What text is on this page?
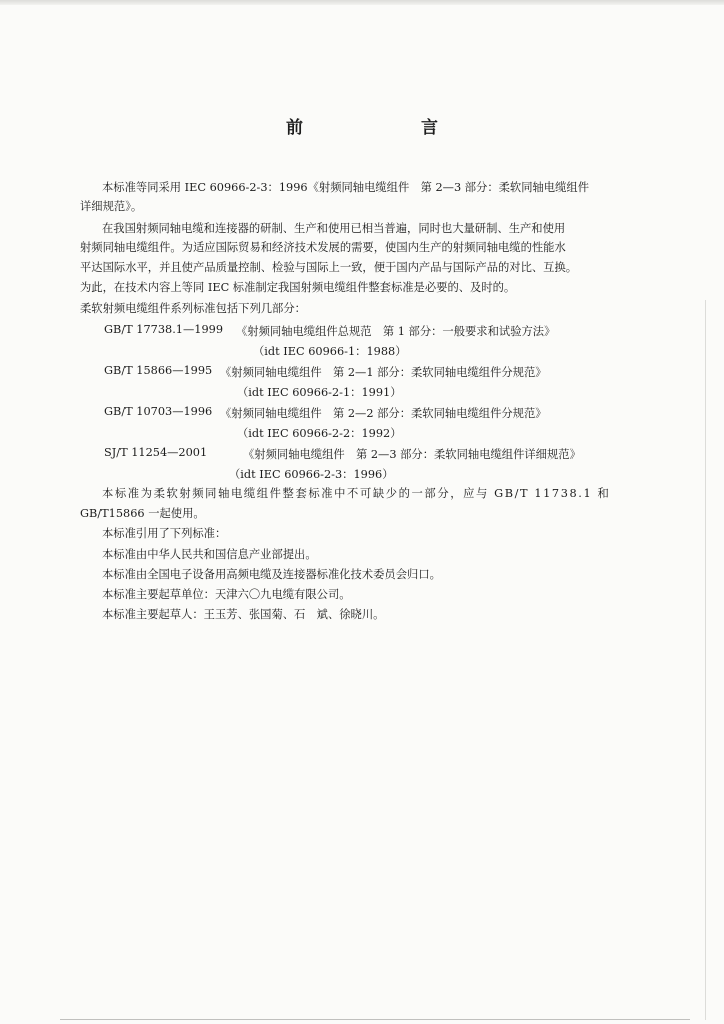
前 言
本标准等同采用 IEC 60966-2-3：1996《射频同轴电缆组件　第 2—3 部分：柔软同轴电缆组件
详细规范》。
在我国射频同轴电缆和连接器的研制、生产和使用已相当普遍，同时也大量研制、生产和使用
射频同轴电缆组件。为适应国际贸易和经济技术发展的需要，使国内生产的射频同轴电缆的性能水
平达国际水平，并且使产品质量控制、检验与国际上一致，便于国内产品与国际产品的对比、互换。
为此，在技术内容上等同 IEC 标准制定我国射频电缆组件整套标准是必要的、及时的。
柔软射频电缆组件系列标准包括下列几部分：
GB/T 17738.1—1999 《射频同轴电缆组件总规范　第 1 部分：一般要求和试验方法》
（idt IEC 60966-1：1988）
GB/T 15866—1995 《射频同轴电缆组件　第 2—1 部分：柔软同轴电缆组件分规范》
（idt IEC 60966-2-1：1991）
GB/T 10703—1996 《射频同轴电缆组件　第 2—2 部分：柔软同轴电缆组件分规范》
（idt IEC 60966-2-2：1992）
SJ/T 11254—2001	《射频同轴电缆组件　第 2—3 部分：柔软同轴电缆组件详细规范》
（idt IEC 60966-2-3：1996）
本标准为柔软射频同轴电缆组件整套标准中不可缺少的一部分，应与 GB/T 11738.1 和
GB/T15866 一起使用。
本标准引用了下列标准：
本标准由中华人民共和国信息产业部提出。
本标准由全国电子设备用高频电缆及连接器标准化技术委员会归口。
本标准主要起草单位：天津六〇九电缆有限公司。
本标准主要起草人：王玉芳、张国菊、石　斌、徐晓川。
